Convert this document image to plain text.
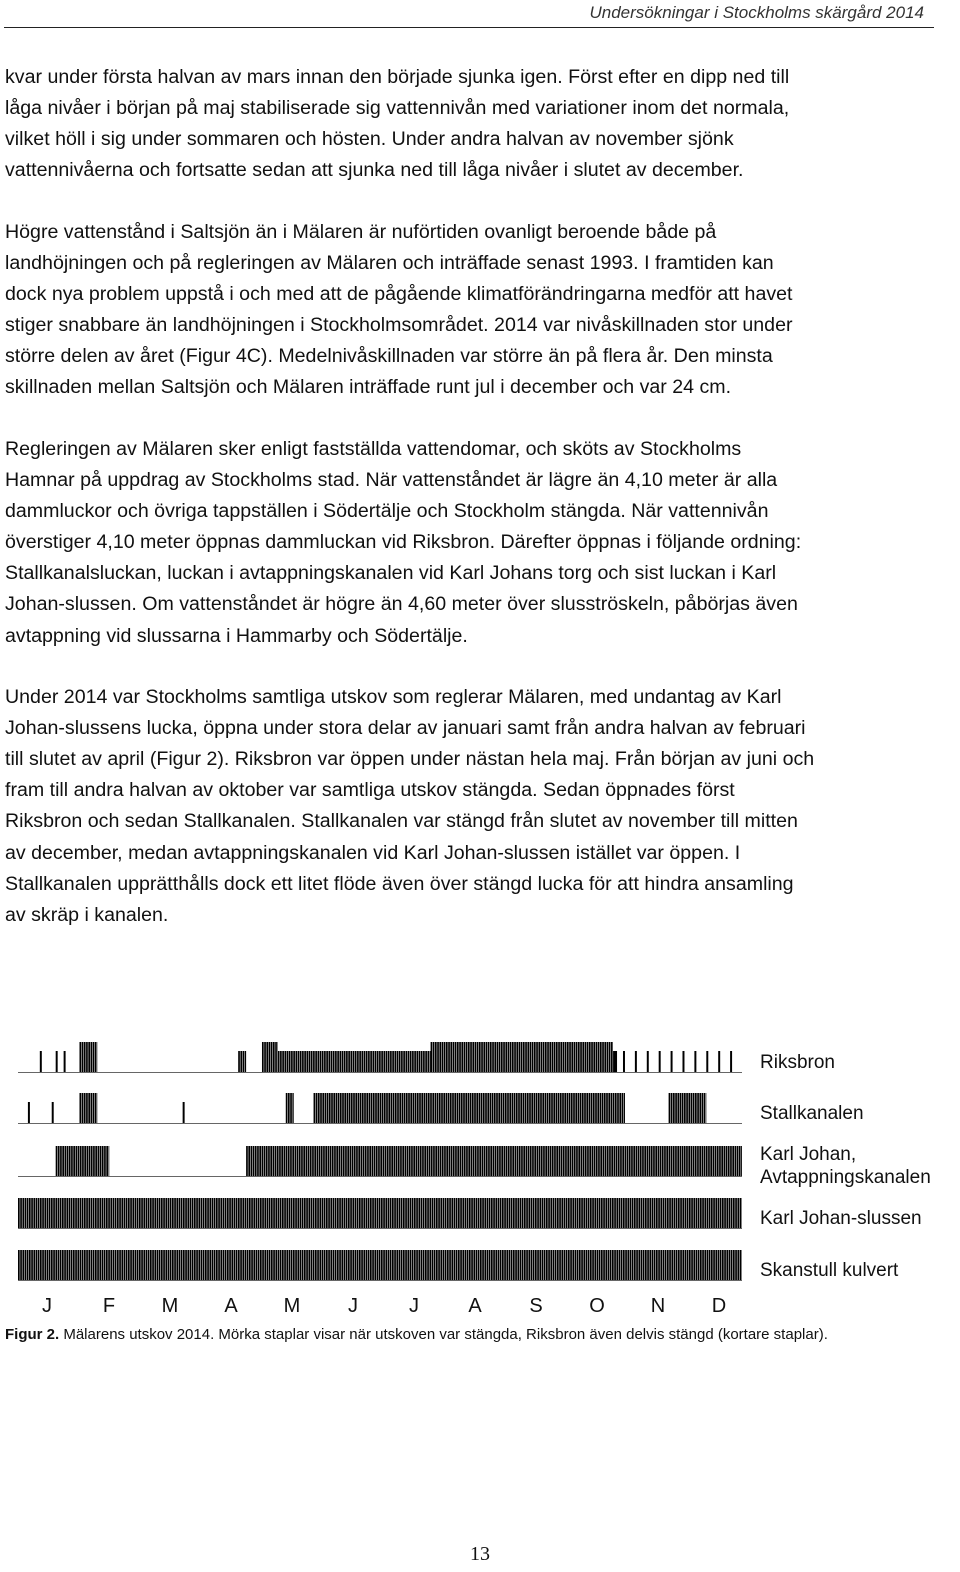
Undersökningar i Stockholms skärgård 2014

kvar under första halvan av mars innan den började sjunka igen. Först efter en dipp ned till
låga nivåer i början på maj stabiliserade sig vattennivån med variationer inom det normala,
vilket höll i sig under sommaren och hösten. Under andra halvan av november sjönk
vattennivåerna och fortsatte sedan att sjunka ned till låga nivåer i slutet av december.

Högre vattenstånd i Saltsjön än i Mälaren är nuförtiden ovanligt beroende både på
landhöjningen och på regleringen av Mälaren och inträffade senast 1993. I framtiden kan
dock nya problem uppstå i och med att de pågående klimatförändringarna medför att havet
stiger snabbare än landhöjningen i Stockholmsområdet. 2014 var nivåskillnaden stor under
större delen av året (Figur 4C). Medelnivåskillnaden var större än på flera år. Den minsta
skillnaden mellan Saltsjön och Mälaren inträffade runt jul i december och var 24 cm.

Regleringen av Mälaren sker enligt fastställda vattendomar, och sköts av Stockholms
Hamnar på uppdrag av Stockholms stad. När vattenståndet är lägre än 4,10 meter är alla
dammluckor och övriga tappställen i Södertälje och Stockholm stängda. När vattennivån
överstiger 4,10 meter öppnas dammluckan vid Riksbron. Därefter öppnas i följande ordning:
Stallkanalsluckan, luckan i avtappningskanalen vid Karl Johans torg och sist luckan i Karl
Johan-slussen. Om vattenståndet är högre än 4,60 meter över slusströskeln, påbörjas även
avtappning vid slussarna i Hammarby och Södertälje.

Under 2014 var Stockholms samtliga utskov som reglerar Mälaren, med undantag av Karl
Johan-slussens lucka, öppna under stora delar av januari samt från andra halvan av februari
till slutet av april (Figur 2). Riksbron var öppen under nästan hela maj. Från början av juni och
fram till andra halvan av oktober var samtliga utskov stängda. Sedan öppnades först
Riksbron och sedan Stallkanalen. Stallkanalen var stängd från slutet av november till mitten
av december, medan avtappningskanalen vid Karl Johan-slussen istället var öppen. I
Stallkanalen upprätthålls dock ett litet flöde även över stängd lucka för att hindra ansamling
av skräp i kanalen.

Riksbron
Stallkanalen
Karl Johan, Avtappningskanalen
Karl Johan-slussen
Skanstull kulvert
J	F M A M J	J A S O N D
Figur 2. Mälarens utskov 2014. Mörka staplar visar när utskoven var stängda, Riksbron även delvis stängd (kortare staplar).
13
